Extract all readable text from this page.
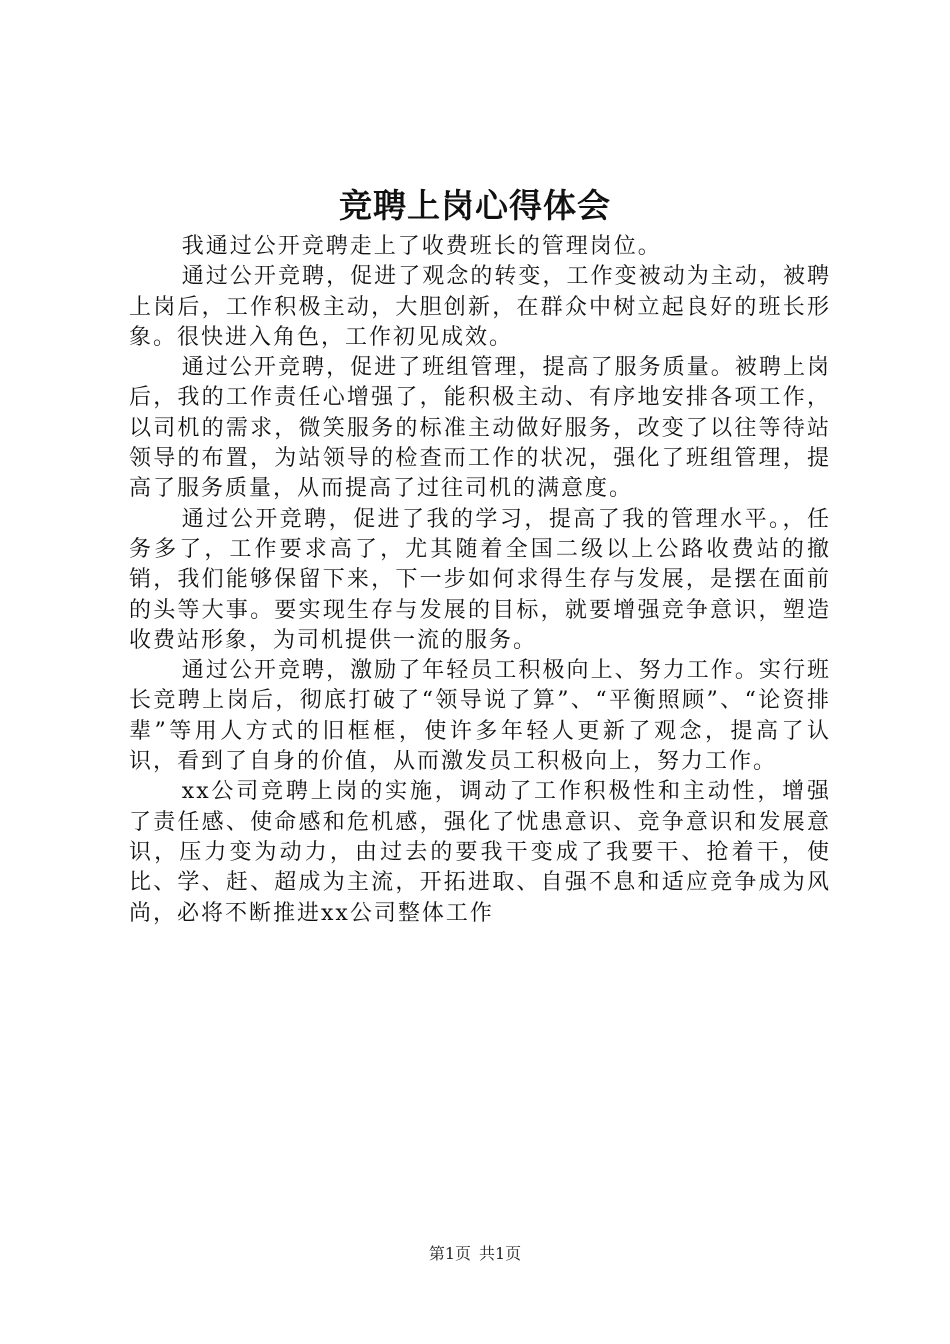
竞聘上岗心得体会

我通过公开竞聘走上了收费班长的管理岗位。

通过公开竞聘，促进了观念的转变，工作变被动为主动，被聘上岗后，工作积极主动，大胆创新，在群众中树立起良好的班长形象。很快进入角色，工作初见成效。

通过公开竞聘，促进了班组管理，提高了服务质量。被聘上岗后，我的工作责任心增强了，能积极主动、有序地安排各项工作，以司机的需求，微笑服务的标准主动做好服务，改变了以往等待站领导的布置，为站领导的检查而工作的状况，强化了班组管理，提高了服务质量，从而提高了过往司机的满意度。

通过公开竞聘，促进了我的学习，提高了我的管理水平。，任务多了，工作要求高了，尤其随着全国二级以上公路收费站的撤销，我们能够保留下来，下一步如何求得生存与发展，是摆在面前的头等大事。要实现生存与发展的目标，就要增强竞争意识，塑造收费站形象，为司机提供一流的服务。

通过公开竞聘，激励了年轻员工积极向上、努力工作。实行班长竞聘上岗后，彻底打破了“领导说了算”、“平衡照顾”、“论资排辈”等用人方式的旧框框，使许多年轻人更新了观念，提高了认识，看到了自身的价值，从而激发员工积极向上，努力工作。

xx公司竞聘上岗的实施，调动了工作积极性和主动性，增强了责任感、使命感和危机感，强化了忧患意识、竞争意识和发展意识，压力变为动力，由过去的要我干变成了我要干、抢着干，使比、学、赶、超成为主流，开拓进取、自强不息和适应竞争成为风尚，必将不断推进xx公司整体工作

第1页 共1页
